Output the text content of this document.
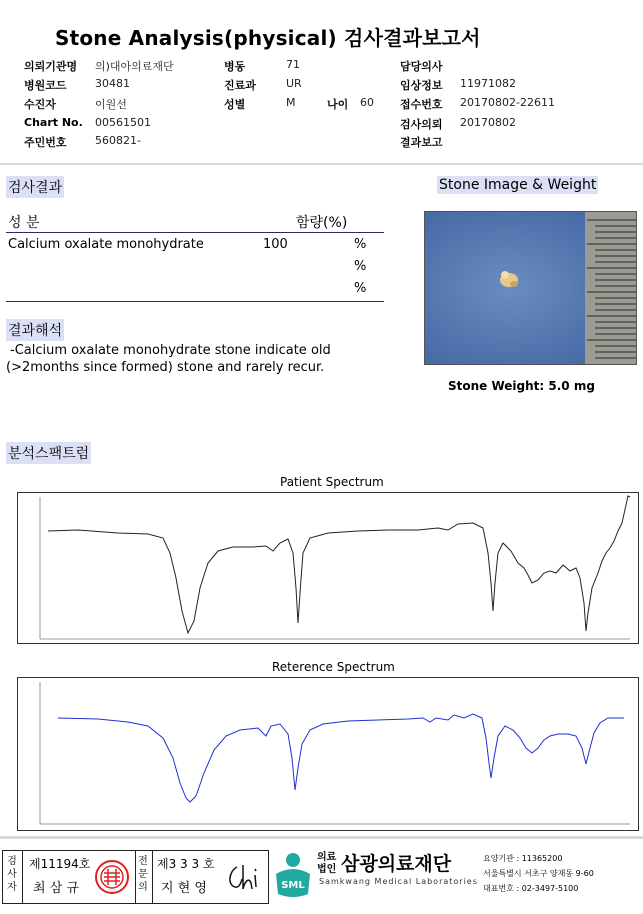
Stone Analysis(physical) 검사결과보고서
의뢰기관명 의)대아의료재단
병원코드	30481
수진자	이원선
Chart No. 00561501
주민번호	560821-
병동	71
진료과	UR
성별	M	나이 60
담당의사
임상정보 11971082
접수번호 20170802-22611
검사의뢰 20170802
결과보고
검사결과
성 분	함량(%)
Calcium oxalate monohydrate	100	%
%
%
Stone Image & Weight
Stone Weight: 5.0 mg
결과해석
-Calcium oxalate monohydrate stone indicate old
(>2months since formed) stone and rarely recur.
분석스팩트럼
Patient Spectrum
Reterence Spectrum
검사자
제11194호
최 삼 규
전문의
제3 3 3 호
지 현 영	SML
의료법인 삼광의료재단
Samkwang Medical Laboratories
요양기관 : 11365200
서울특별시 서초구 양재동 9-60
대표번호 : 02-3497-5100
